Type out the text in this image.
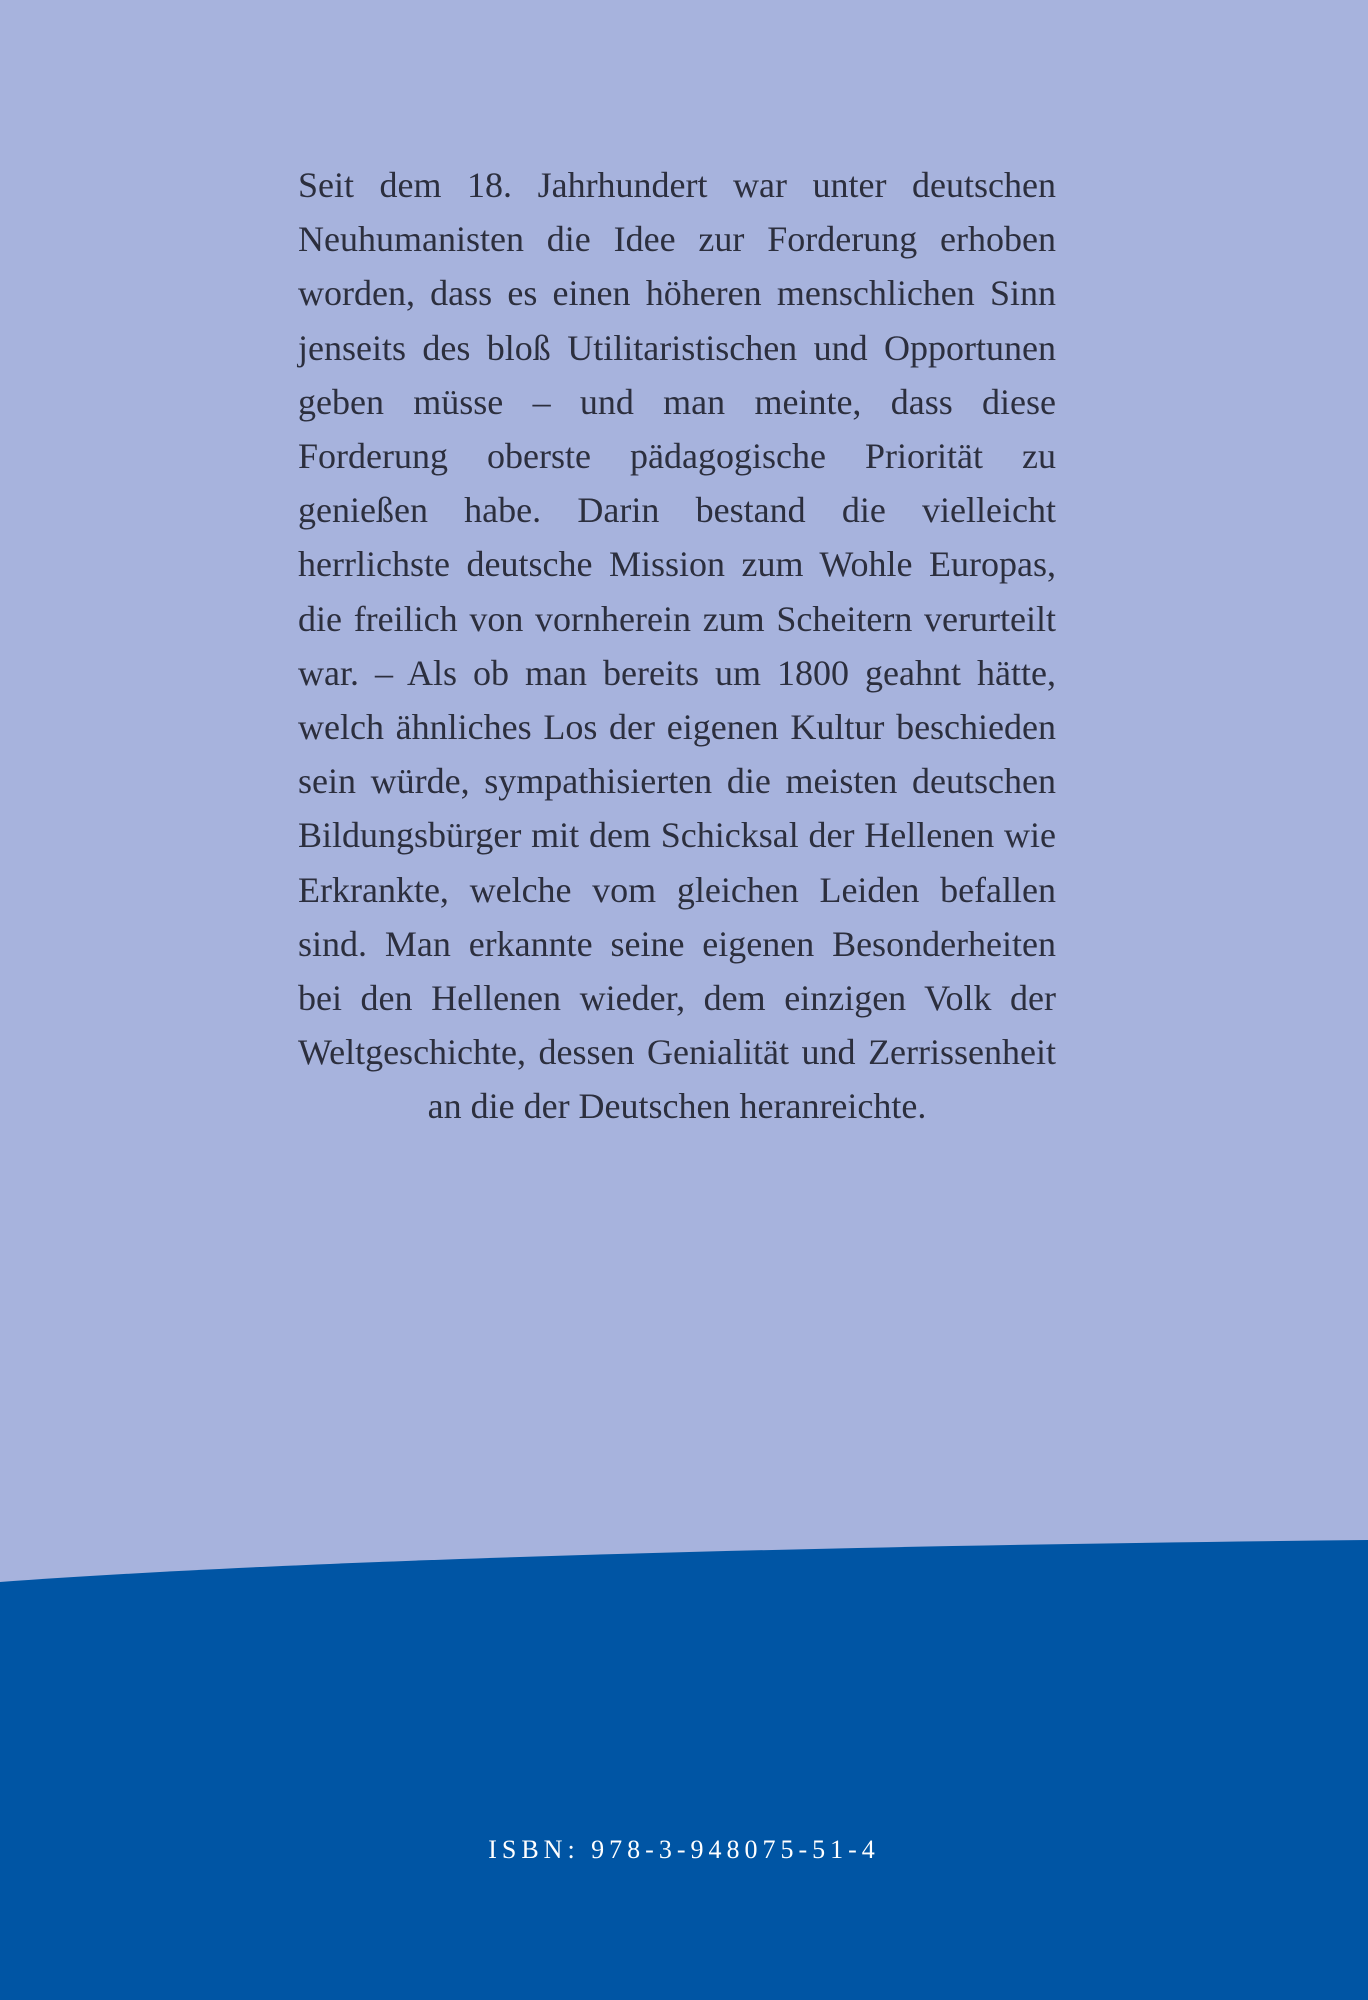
Seit dem 18. Jahrhundert war unter deutschen Neuhumanisten die Idee zur Forderung erhoben worden, dass es einen höheren menschlichen Sinn jenseits des bloß Utilitaristischen und Opportunen geben müsse – und man meinte, dass diese Forderung oberste pädagogische Priorität zu genießen habe. Darin bestand die vielleicht herrlichste deutsche Mission zum Wohle Europas, die freilich von vornherein zum Scheitern verurteilt war. – Als ob man bereits um 1800 geahnt hätte, welch ähnliches Los der eigenen Kultur beschieden sein würde, sympathisierten die meisten deutschen Bildungsbürger mit dem Schicksal der Hellenen wie Erkrankte, welche vom gleichen Leiden befallen sind. Man erkannte seine eigenen Besonderheiten bei den Hellenen wieder, dem einzigen Volk der Weltgeschichte, dessen Genialität und Zerrissenheit an die der Deutschen heranreichte.

ISBN: 978-3-948075-51-4
